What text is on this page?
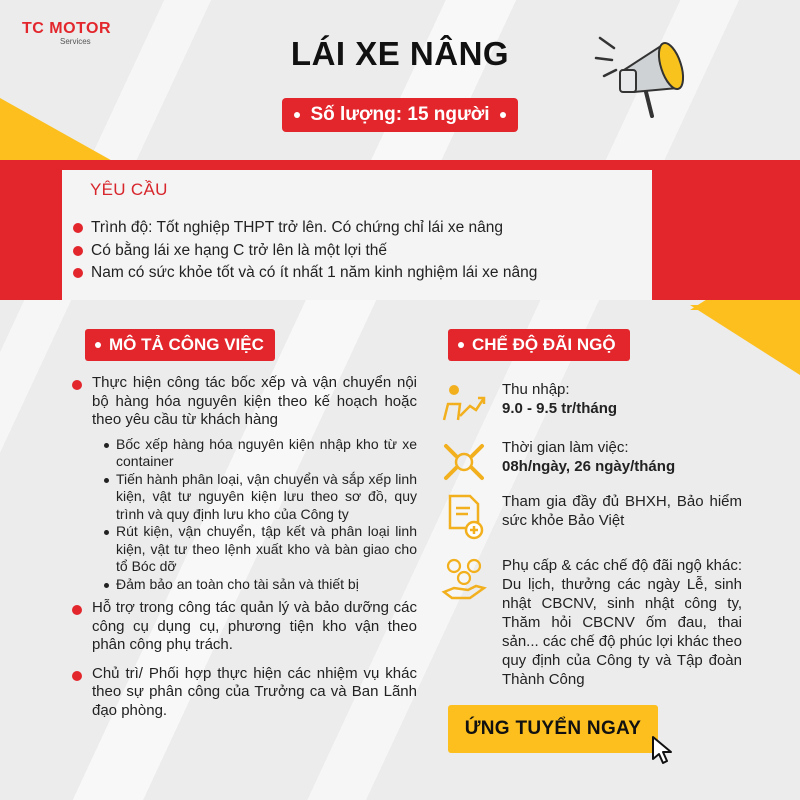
TC MOTOR
Services	LÁI XE NÂNG
Số lượng: 15 người
YÊU CẦU
Trình độ: Tốt nghiệp THPT trở lên. Có chứng chỉ lái xe nâng
Có bằng lái xe hạng C trở lên là một lợi thế
Nam có sức khỏe tốt và có ít nhất 1 năm kinh nghiệm lái xe nâng
MÔ TẢ CÔNG VIỆC	CHẾ ĐỘ ĐÃI NGỘ
Thực hiện công tác bốc xếp và vận chuyển nội bộ hàng hóa nguyên kiện theo kế hoạch hoặc theo yêu cầu từ khách hàng
Bốc xếp hàng hóa nguyên kiện nhập kho từ xe container
Tiến hành phân loại, vận chuyển và sắp xếp linh kiện, vật tư nguyên kiện lưu theo sơ đồ, quy trình và quy định lưu kho của Công ty
Rút kiện, vận chuyển, tập kết và phân loại linh kiện, vật tư theo lệnh xuất kho và bàn giao cho tổ Bóc dỡ
Đảm bảo an toàn cho tài sản và thiết bị
Hỗ trợ trong công tác quản lý và bảo dưỡng các công cụ dụng cụ, phương tiện kho vận theo phân công phụ trách.
Chủ trì/ Phối hợp thực hiện các nhiệm vụ khác theo sự phân công của Trưởng ca và Ban Lãnh đạo phòng.
Thu nhập:
9.0 - 9.5 tr/tháng
Thời gian làm việc:
08h/ngày, 26 ngày/tháng
Tham gia đầy đủ BHXH, Bảo hiểm sức khỏe Bảo Việt
Phụ cấp & các chế độ đãi ngộ khác: Du lịch, thưởng các ngày Lễ, sinh nhật CBCNV, sinh nhật công ty, Thăm hỏi CBCNV ốm đau, thai sản... các chế độ phúc lợi khác theo quy định của Công ty và Tập đoàn Thành Công
ỨNG TUYỂN NGAY
